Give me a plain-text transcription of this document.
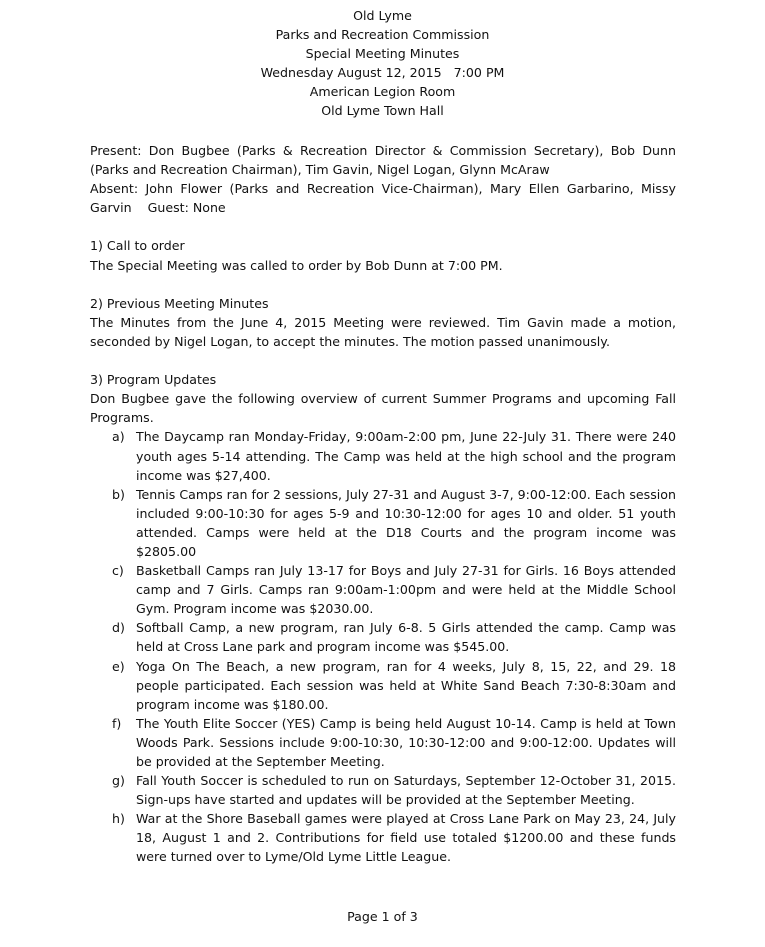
Old Lyme
Parks and Recreation Commission
Special Meeting Minutes
Wednesday August 12, 2015   7:00 PM
American Legion Room
Old Lyme Town Hall
Present: Don Bugbee (Parks & Recreation Director & Commission Secretary), Bob Dunn (Parks and Recreation Chairman), Tim Gavin, Nigel Logan, Glynn McAraw
Absent: John Flower (Parks and Recreation Vice-Chairman), Mary Ellen Garbarino, Missy Garvin Guest: None
1) Call to order
The Special Meeting was called to order by Bob Dunn at 7:00 PM.
2) Previous Meeting Minutes
The Minutes from the June 4, 2015 Meeting were reviewed. Tim Gavin made a motion, seconded by Nigel Logan, to accept the minutes. The motion passed unanimously.
3) Program Updates
Don Bugbee gave the following overview of current Summer Programs and upcoming Fall Programs.
a) The Daycamp ran Monday-Friday, 9:00am-2:00 pm, June 22-July 31. There were 240 youth ages 5-14 attending. The Camp was held at the high school and the program income was $27,400.
b) Tennis Camps ran for 2 sessions, July 27-31 and August 3-7, 9:00-12:00. Each session included 9:00-10:30 for ages 5-9 and 10:30-12:00 for ages 10 and older. 51 youth attended. Camps were held at the D18 Courts and the program income was $2805.00
c) Basketball Camps ran July 13-17 for Boys and July 27-31 for Girls. 16 Boys attended camp and 7 Girls. Camps ran 9:00am-1:00pm and were held at the Middle School Gym. Program income was $2030.00.
d) Softball Camp, a new program, ran July 6-8. 5 Girls attended the camp. Camp was held at Cross Lane park and program income was $545.00.
e) Yoga On The Beach, a new program, ran for 4 weeks, July 8, 15, 22, and 29. 18 people participated. Each session was held at White Sand Beach 7:30-8:30am and program income was $180.00.
f)	The Youth Elite Soccer (YES) Camp is being held August 10-14. Camp is held at Town Woods Park. Sessions include 9:00-10:30, 10:30-12:00 and 9:00-12:00. Updates will be provided at the September Meeting.
g) Fall Youth Soccer is scheduled to run on Saturdays, September 12-October 31, 2015. Sign-ups have started and updates will be provided at the September Meeting.
h) War at the Shore Baseball games were played at Cross Lane Park on May 23, 24, July 18, August 1 and 2. Contributions for field use totaled $1200.00 and these funds were turned over to Lyme/Old Lyme Little League.
Page 1 of 3
